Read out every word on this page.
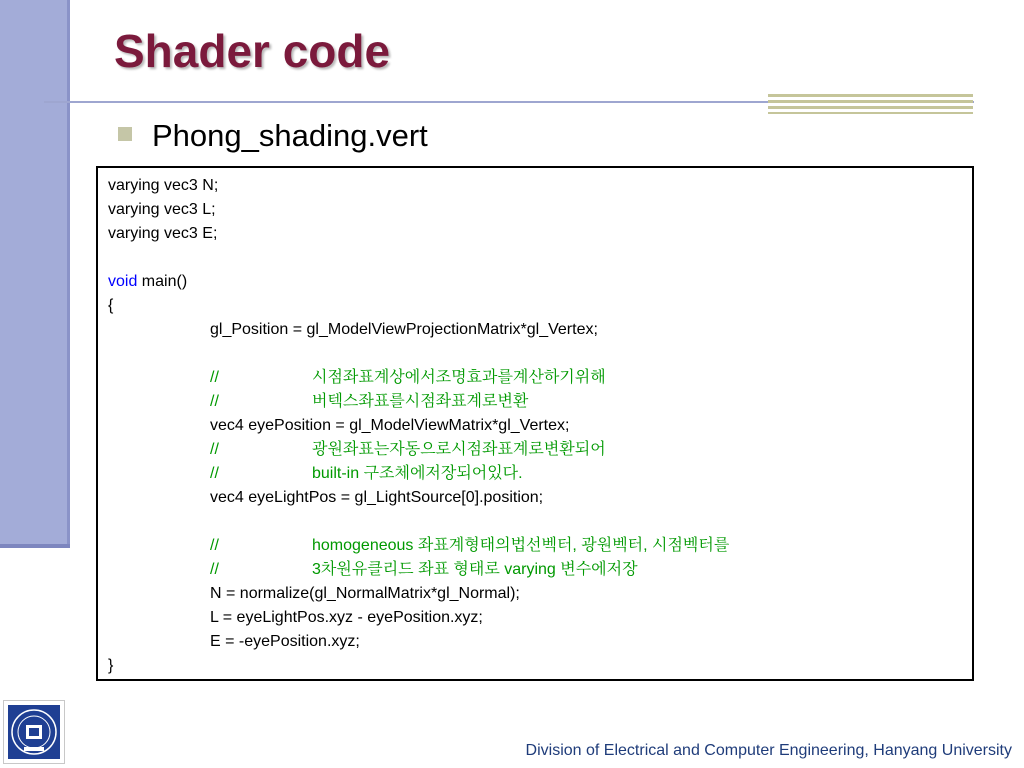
Shader code
Phong_shading.vert
varying vec3 N;
varying vec3 L;
varying vec3 E;
void main()
{
gl_Position = gl_ModelViewProjectionMatrix*gl_Vertex;
//	시점좌표계상에서조명효과를계산하기위해
//	버텍스좌표를시점좌표계로변환
vec4 eyePosition = gl_ModelViewMatrix*gl_Vertex;
//	광원좌표는자동으로시점좌표계로변환되어
//	built-in 구조체에저장되어있다.
vec4 eyeLightPos = gl_LightSource[0].position;
//	homogeneous 좌표계형태의법선벡터, 광원벡터, 시점벡터를
//	3차원유클리드 좌표 형태로 varying 변수에저장
N = normalize(gl_NormalMatrix*gl_Normal);
L = eyeLightPos.xyz - eyePosition.xyz;
E = -eyePosition.xyz;
}
Division of Electrical and Computer Engineering, Hanyang University
